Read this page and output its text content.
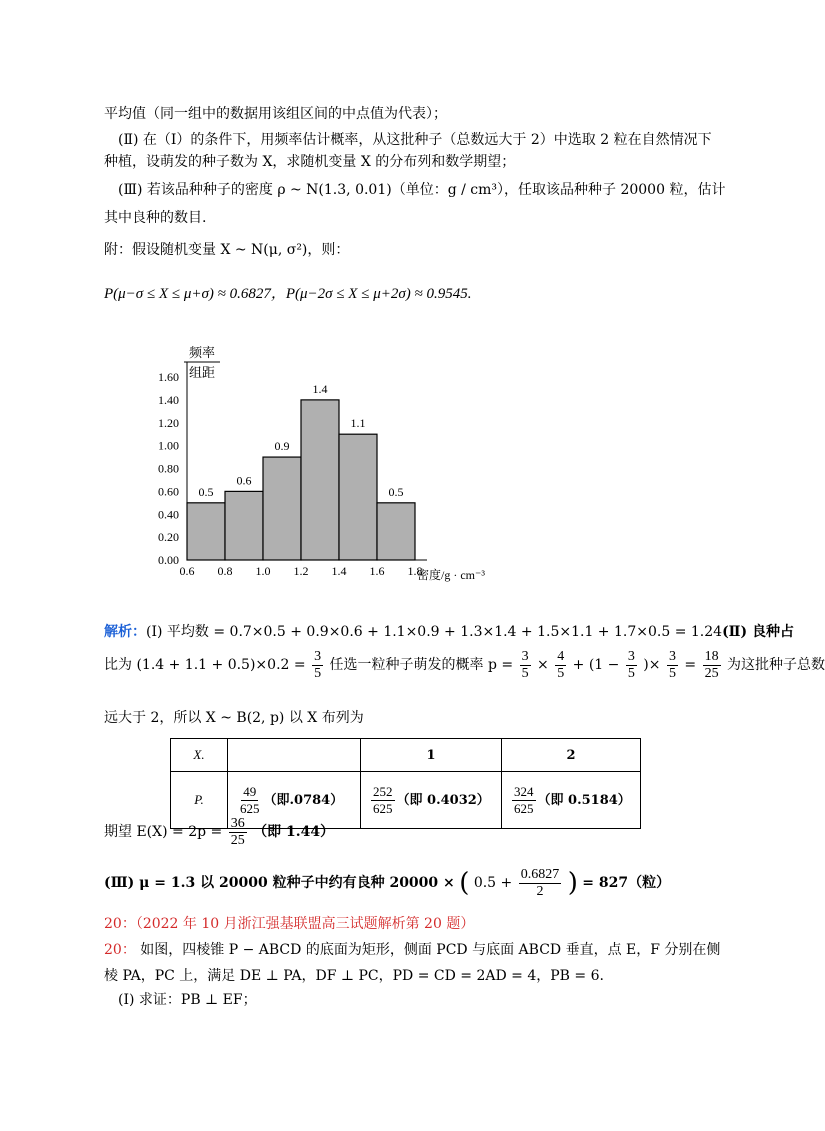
平均值（同一组中的数据用该组区间的中点值为代表）；
(Ⅱ) 在（Ⅰ）的条件下，用频率估计概率，从这批种子（总数远大于 2）中选取 2 粒在自然情况下
种植，设萌发的种子数为 X，求随机变量 X 的分布列和数学期望；
(Ⅲ) 若该品种种子的密度 ρ ~ N(1.3, 0.01)（单位：g / cm³），任取该品种种子 20000 粒，估计
其中良种的数目.
附：假设随机变量 X ~ N(μ, σ²)，则：
P(μ−σ ≤ X ≤ μ+σ) ≈ 0.6827，P(μ−2σ ≤ X ≤ μ+2σ) ≈ 0.9545.
频率
组距
0.5
0.6
0.9
1.4
1.1
0.5
0.00
0.20
0.40
0.60
0.80
1.00
1.20
1.40
1.60
0.6 0.8 1.0 1.2 1.4 1.6 1.8
密度/g · cm⁻³
解析：(Ⅰ) 平均数 = 0.7×0.5 + 0.9×0.6 + 1.1×0.9 + 1.3×1.4 + 1.5×1.1 + 1.7×0.5 = 1.24(Ⅱ) 良种占
比为 $(1.4 + 1.1 + 0.5)\times 0.2 = \frac{3}{5}$ 任选一粒种子萌发的概率 $p = \frac{3}{5} \times \frac{4}{5} + (1 - \frac{3}{5}$ )× $\frac{3}{5} = \frac{18}{25}$ 为这批种子总数
远大于 2，所以 X ~ B(2, p) 以 X 布列为
X.		1	2
P.	$\frac{49}{625}$ （即.0784）	$\frac{252}{625}$ （即 0.4032）	$\frac{324}{625}$ （即 0.5184）
期望 $E(X) = 2p = \frac{36}{25}$ （即 1.44）
(Ⅲ) μ = 1.3 以 20000 粒种子中约有良种 20000 × ( $0.5 + \frac{0.6827}{2}$ ) = 827（粒）
20：（2022 年 10 月浙江强基联盟高三试题解析第 20 题）
20： 如图，四棱锥 P − ABCD 的底面为矩形，侧面 PCD 与底面 ABCD 垂直，点 E，F 分别在侧
棱 PA，PC 上，满足 DE ⊥ PA，DF ⊥ PC，PD = CD = 2AD = 4，PB = 6.
(Ⅰ) 求证：PB ⊥ EF；
